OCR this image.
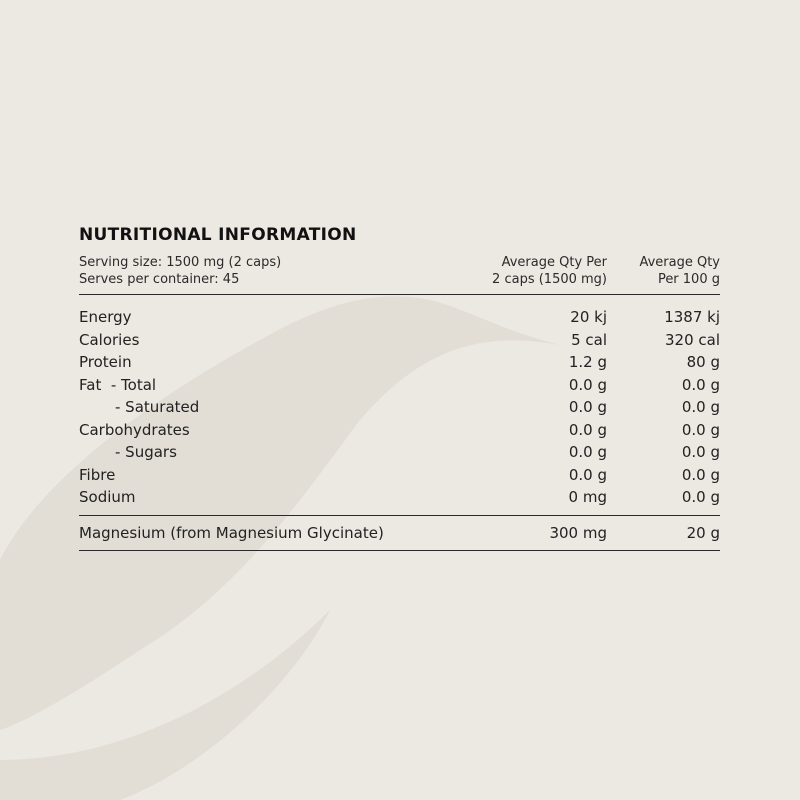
NUTRITIONAL INFORMATION
Serving size: 1500 mg (2 caps)
Serves per container: 45
Average Qty Per
2 caps (1500 mg)
Average Qty
Per 100 g
Energy	20 kj	1387 kj
Calories	5 cal	320 cal
Protein	1.2 g	80 g
Fat  - Total	0.0 g	0.0 g
- Saturated	0.0 g	0.0 g
Carbohydrates	0.0 g	0.0 g
- Sugars	0.0 g	0.0 g
Fibre	0.0 g	0.0 g
Sodium	0 mg	0.0 g
Magnesium (from Magnesium Glycinate)	300 mg	20 g
